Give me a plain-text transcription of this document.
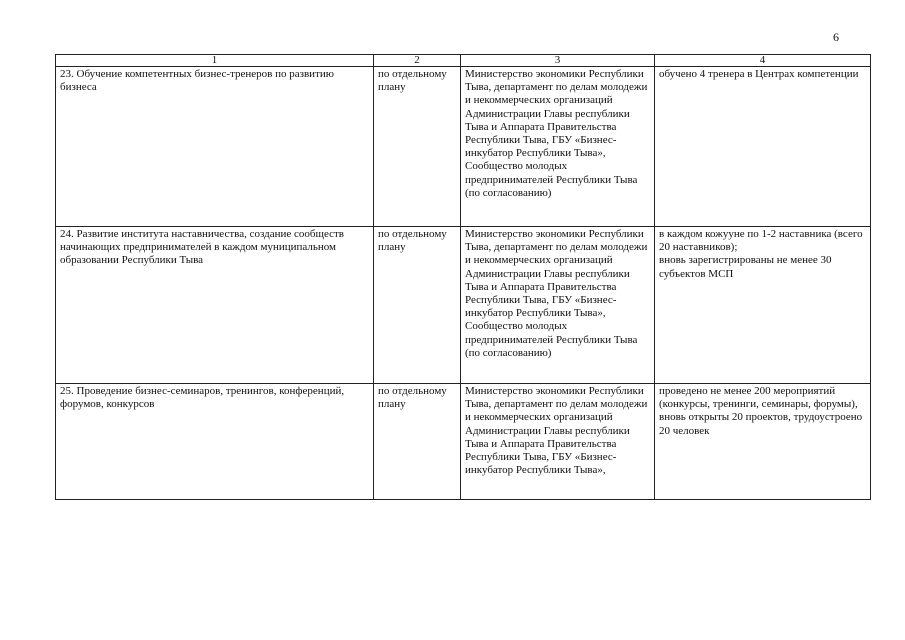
6
1	2	3	4
23. Обучение компетентных бизнес-тренеров по развитию бизнеса	по отдельному плану	Министерство экономики Республики Тыва, департамент по делам молодежи и некоммерческих организаций Администрации Главы республики Тыва и Аппарата Правительства Республики Тыва, ГБУ «Бизнес-инкубатор Республики Тыва», Сообщество молодых предпринимателей Республики Тыва (по согласованию)	обучено 4 тренера в Центрах компетенции

24. Развитие института наставничества, создание сообществ начинающих предпринимателей в каждом муниципальном образовании Республики Тыва	по отдельному плану	Министерство экономики Республики Тыва, департамент по делам молодежи и некоммерческих организаций Администрации Главы республики Тыва и Аппарата Правительства Республики Тыва, ГБУ «Бизнес-инкубатор Республики Тыва», Сообщество молодых предпринимателей Республики Тыва (по согласованию)	в каждом кожууне по 1-2 наставника (всего 20 наставников);
вновь зарегистрированы не менее 30 субъектов МСП

25. Проведение бизнес-семинаров, тренингов, конференций, форумов, конкурсов	по отдельному плану	Министерство экономики Республики Тыва, департамент по делам молодежи и некоммерческих организаций Администрации Главы республики Тыва и Аппарата Правительства Республики Тыва, ГБУ «Бизнес-инкубатор Республики Тыва»,	проведено не менее 200 мероприятий (конкурсы, тренинги, семинары, форумы), вновь открыты 20 проектов, трудоустроено 20 человек
